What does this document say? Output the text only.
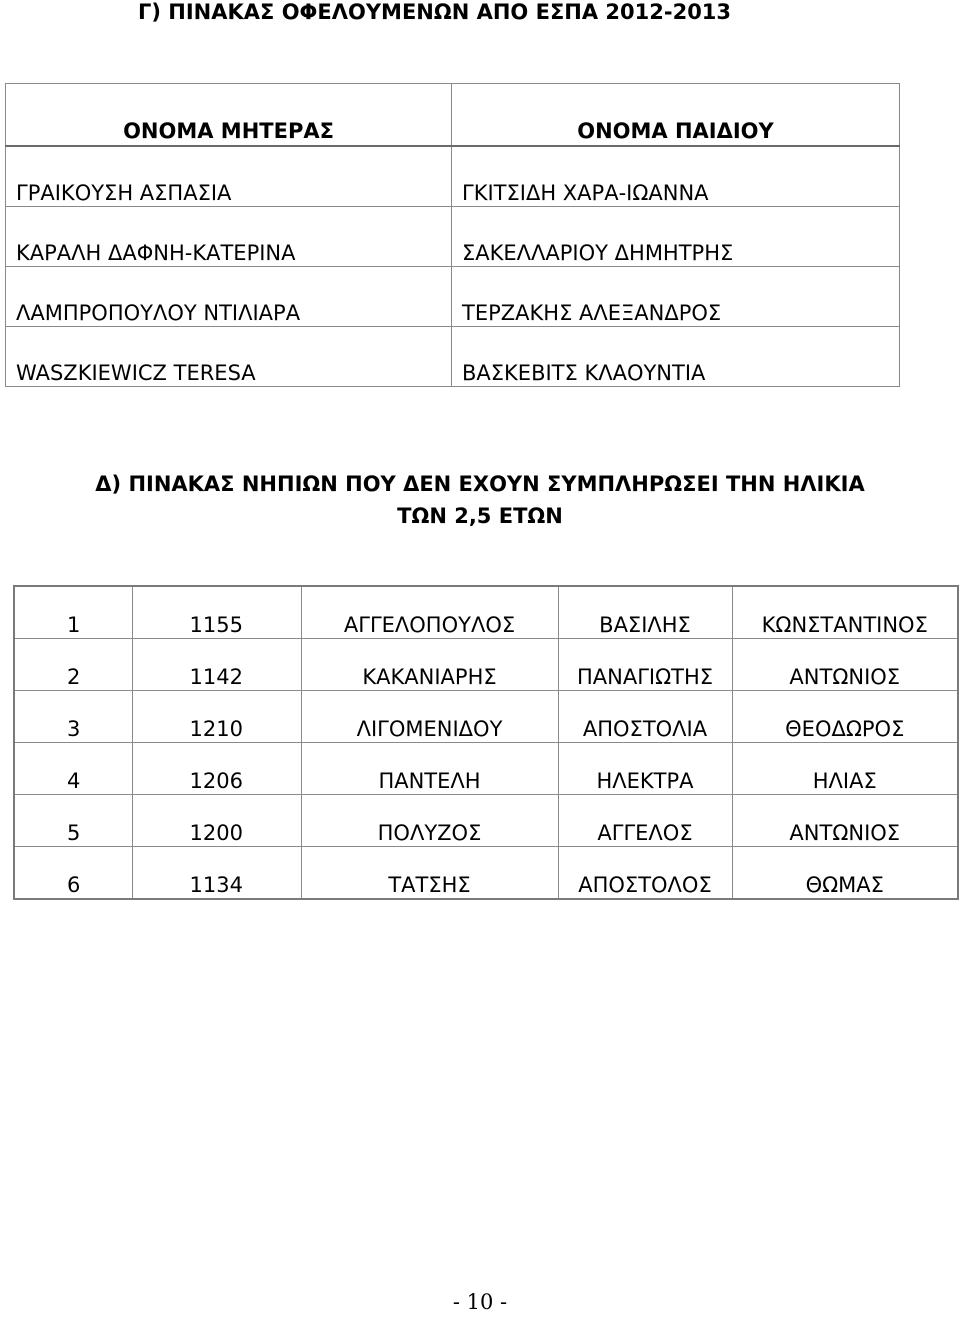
Γ) ΠΙΝΑΚΑΣ ΟΦΕΛΟΥΜΕΝΩΝ ΑΠΟ ΕΣΠΑ 2012-2013
ΟΝΟΜΑ ΜΗΤΕΡΑΣ	ΟΝΟΜΑ ΠΑΙΔΙΟΥ
ΓΡΑΙΚΟΥΣΗ ΑΣΠΑΣΙΑ	ΓΚΙΤΣΙΔΗ ΧΑΡΑ-ΙΩΑΝΝΑ
ΚΑΡΑΛΗ ΔΑΦΝΗ-ΚΑΤΕΡΙΝΑ	ΣΑΚΕΛΛΑΡΙΟΥ ΔΗΜΗΤΡΗΣ
ΛΑΜΠΡΟΠΟΥΛΟΥ ΝΤΙΛΙΑΡΑ	ΤΕΡΖΑΚΗΣ ΑΛΕΞΑΝΔΡΟΣ
WASZKIEWICZ TERESA	ΒΑΣΚΕΒΙΤΣ ΚΛΑΟΥΝΤΙΑ
Δ) ΠΙΝΑΚΑΣ ΝΗΠΙΩΝ ΠΟΥ ΔΕΝ ΕΧΟΥΝ ΣΥΜΠΛΗΡΩΣΕΙ ΤΗΝ ΗΛΙΚΙΑ
ΤΩΝ 2,5 ΕΤΩΝ
1	1155	ΑΓΓΕΛΟΠΟΥΛΟΣ	ΒΑΣΙΛΗΣ	ΚΩΝΣΤΑΝΤΙΝΟΣ
2	1142	ΚΑΚΑΝΙΑΡΗΣ	ΠΑΝΑΓΙΩΤΗΣ	ΑΝΤΩΝΙΟΣ
3	1210	ΛΙΓΟΜΕΝΙΔΟΥ	ΑΠΟΣΤΟΛΙΑ	ΘΕΟΔΩΡΟΣ
4	1206	ΠΑΝΤΕΛΗ	ΗΛΕΚΤΡΑ	ΗΛΙΑΣ
5	1200	ΠΟΛΥΖΟΣ	ΑΓΓΕΛΟΣ	ΑΝΤΩΝΙΟΣ
6	1134	ΤΑΤΣΗΣ	ΑΠΟΣΤΟΛΟΣ	ΘΩΜΑΣ
- 10 -
